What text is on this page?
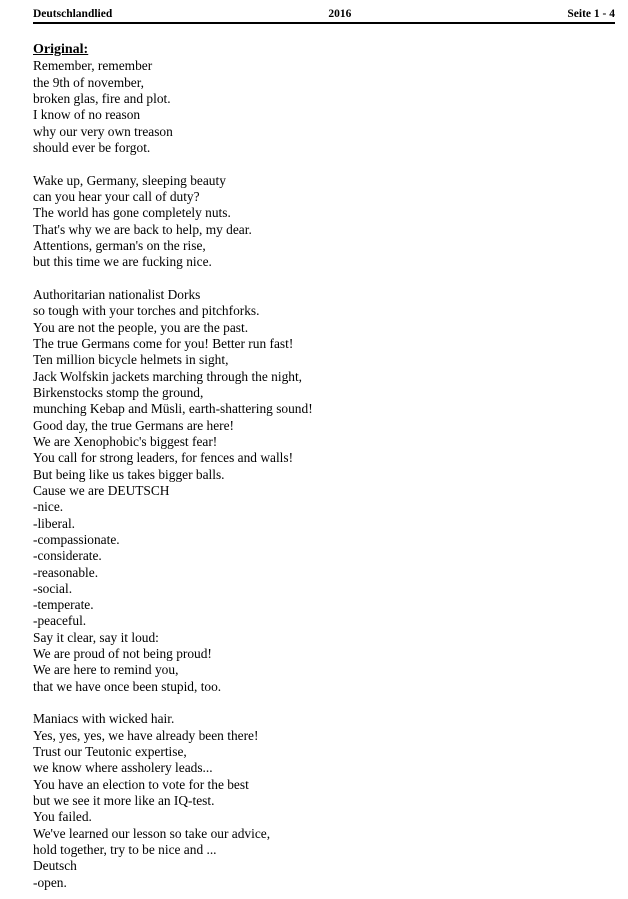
Deutschlandlied	2016	Seite 1 - 4
Original:
Remember, remember
the 9th of november,
broken glas, fire and plot.
I know of no reason
why our very own treason
should ever be forgot.
Wake up, Germany, sleeping beauty
can you hear your call of duty?
The world has gone completely nuts.
That's why we are back to help, my dear.
Attentions, german's on the rise,
but this time we are fucking nice.
Authoritarian nationalist Dorks
so tough with your torches and pitchforks.
You are not the people, you are the past.
The true Germans come for you! Better run fast!
Ten million bicycle helmets in sight,
Jack Wolfskin jackets marching through the night,
Birkenstocks stomp the ground,
munching Kebap and Müsli, earth-shattering sound!
Good day, the true Germans are here!
We are Xenophobic's biggest fear!
You call for strong leaders, for fences and walls!
But being like us takes bigger balls.
Cause we are DEUTSCH
-nice.
-liberal.
-compassionate.
-considerate.
-reasonable.
-social.
-temperate.
-peaceful.
Say it clear, say it loud:
We are proud of not being proud!
We are here to remind you,
that we have once been stupid, too.
Maniacs with wicked hair.
Yes, yes, yes, we have already been there!
Trust our Teutonic expertise,
we know where assholery leads...
You have an election to vote for the best
but we see it more like an IQ-test.
You failed.
We've learned our lesson so take our advice,
hold together, try to be nice and ...
Deutsch
-open.
